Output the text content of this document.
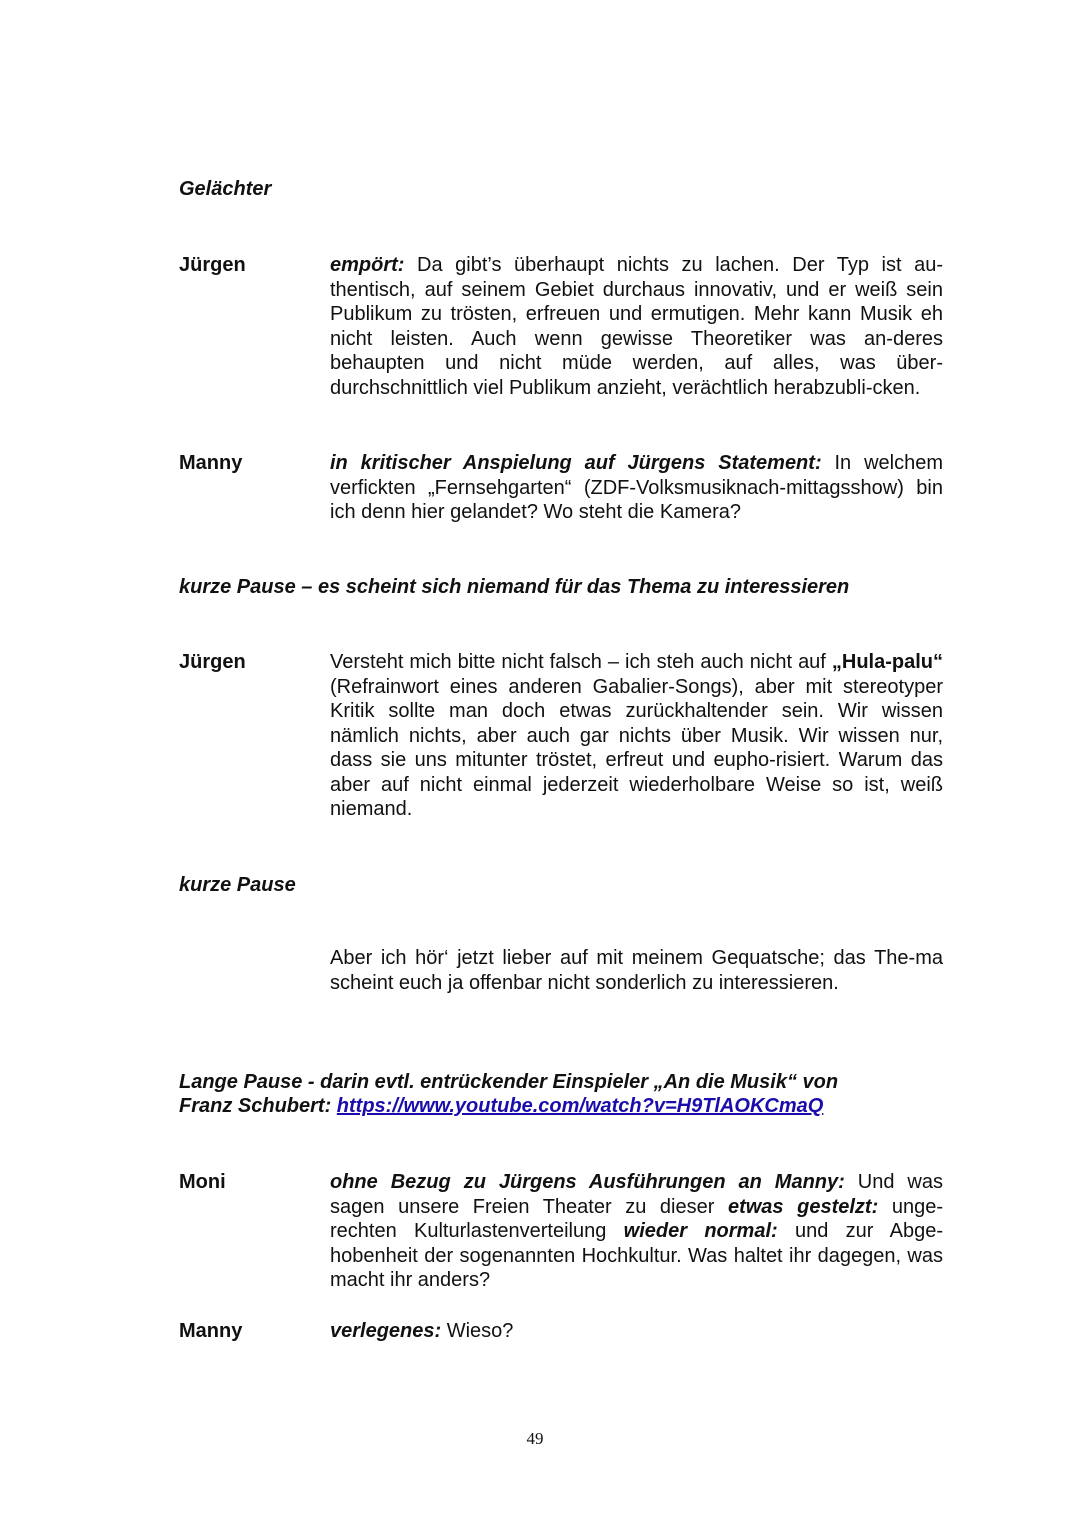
Gelächter
Jürgen	empört: Da gibt’s überhaupt nichts zu lachen. Der Typ ist au-thentisch, auf seinem Gebiet durchaus innovativ, und er weiß sein Publikum zu trösten, erfreuen und ermutigen. Mehr kann Musik eh nicht leisten. Auch wenn gewisse Theoretiker was an-deres behaupten und nicht müde werden, auf alles, was über-durchschnittlich viel Publikum anzieht, verächtlich herabzubli-cken.
Manny	in kritischer Anspielung auf Jürgens Statement: In welchem verfickten „Fernsehgarten“ (ZDF-Volksmusiknach-mittagsshow) bin ich denn hier gelandet? Wo steht die Kamera?
kurze Pause – es scheint sich niemand für das Thema zu interessieren
Jürgen	Versteht mich bitte nicht falsch – ich steh auch nicht auf „Hula-palu“ (Refrainwort eines anderen Gabalier-Songs), aber mit stereotyper Kritik sollte man doch etwas zurückhaltender sein. Wir wissen nämlich nichts, aber auch gar nichts über Musik. Wir wissen nur, dass sie uns mitunter tröstet, erfreut und eupho-risiert. Warum das aber auf nicht einmal jederzeit wiederholbare Weise so ist, weiß niemand.
kurze Pause
Aber ich hör‘ jetzt lieber auf mit meinem Gequatsche; das The-ma scheint euch ja offenbar nicht sonderlich zu interessieren.
Lange Pause - darin evtl. entrückender Einspieler „An die Musik“ von
Franz Schubert: https://www.youtube.com/watch?v=H9TlAOKCmaQ
Moni	ohne Bezug zu Jürgens Ausführungen an Manny: Und was sagen unsere Freien Theater zu dieser etwas gestelzt: unge-rechten Kulturlastenverteilung wieder normal: und zur Abge-hobenheit der sogenannten Hochkultur. Was haltet ihr dagegen, was macht ihr anders?
Manny	verlegenes: Wieso?
49
